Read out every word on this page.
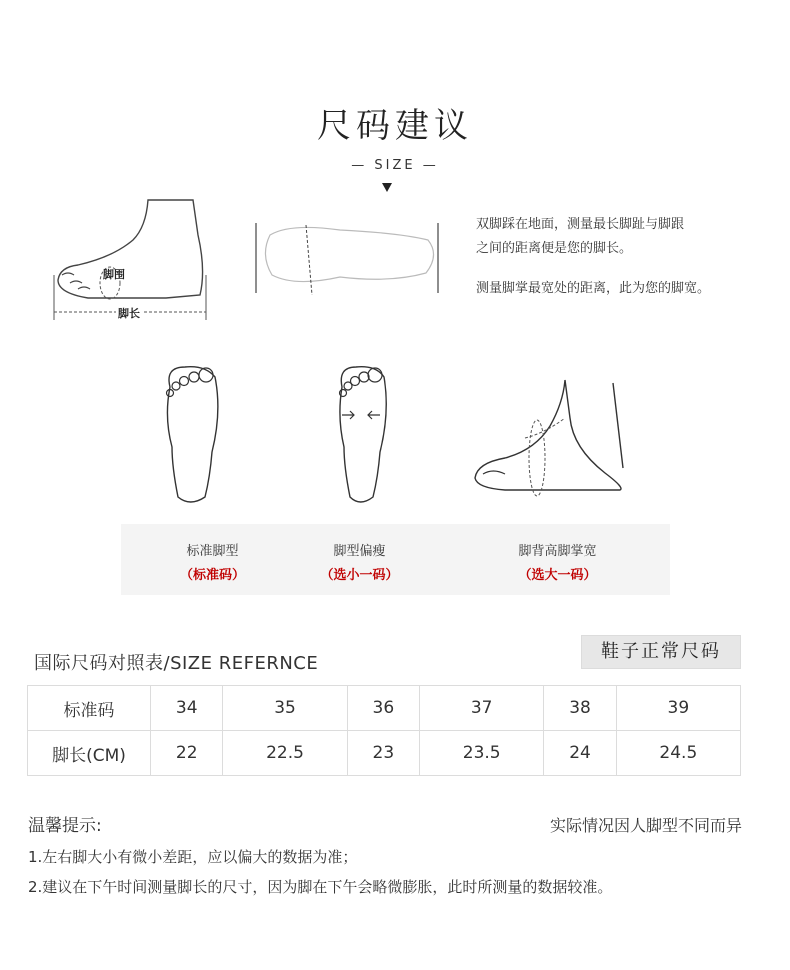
尺码建议
— SIZE —
脚围
脚长
双脚踩在地面，测量最长脚趾与脚跟
之间的距离便是您的脚长。
测量脚掌最宽处的距离，此为您的脚宽。
标准脚型
（标准码）
脚型偏瘦
（选小一码）
脚背高脚掌宽
（选大一码）
国际尺码对照表/SIZE REFERNCE
鞋子正常尺码
标准码	34	35	36	37	38	39
脚长(CM)	22	22.5	23	23.5	24	24.5
温馨提示:	实际情况因人脚型不同而异
1.左右脚大小有微小差距，应以偏大的数据为准；
2.建议在下午时间测量脚长的尺寸，因为脚在下午会略微膨胀，此时所测量的数据较准。
